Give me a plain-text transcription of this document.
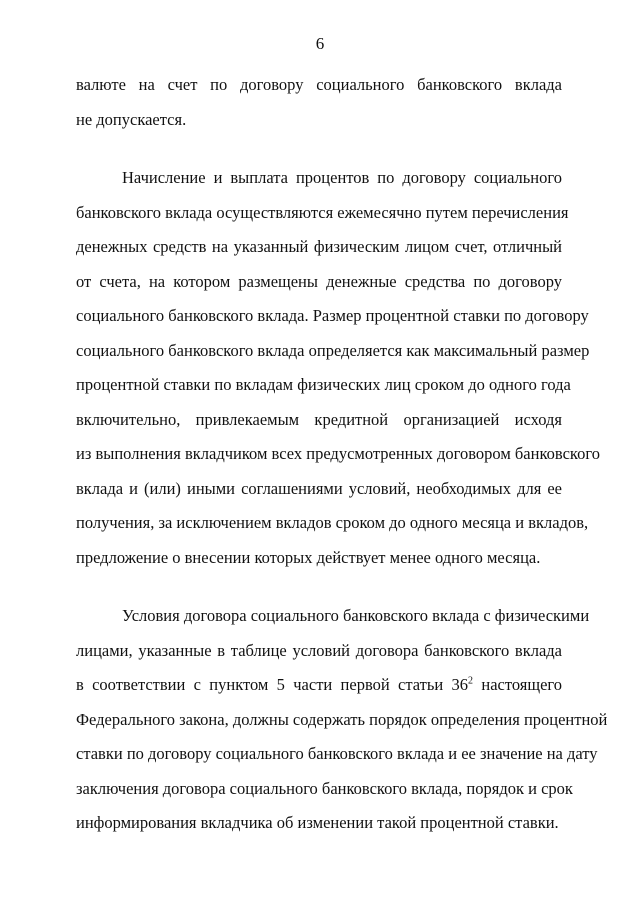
6
валюте на счет по договору социального банковского вклада
не допускается.
Начисление и выплата процентов по договору социального
банковского вклада осуществляются ежемесячно путем перечисления
денежных средств на указанный физическим лицом счет, отличный
от счета, на котором размещены денежные средства по договору
социального банковского вклада. Размер процентной ставки по договору
социального банковского вклада определяется как максимальный размер
процентной ставки по вкладам физических лиц сроком до одного года
включительно, привлекаемым кредитной организацией исходя
из выполнения вкладчиком всех предусмотренных договором банковского
вклада и (или) иными соглашениями условий, необходимых для ее
получения, за исключением вкладов сроком до одного месяца и вкладов,
предложение о внесении которых действует менее одного месяца.
Условия договора социального банковского вклада с физическими
лицами, указанные в таблице условий договора банковского вклада
в соответствии с пунктом 5 части первой статьи $36^2$ настоящего
Федерального закона, должны содержать порядок определения процентной
ставки по договору социального банковского вклада и ее значение на дату
заключения договора социального банковского вклада, порядок и срок
информирования вкладчика об изменении такой процентной ставки.
